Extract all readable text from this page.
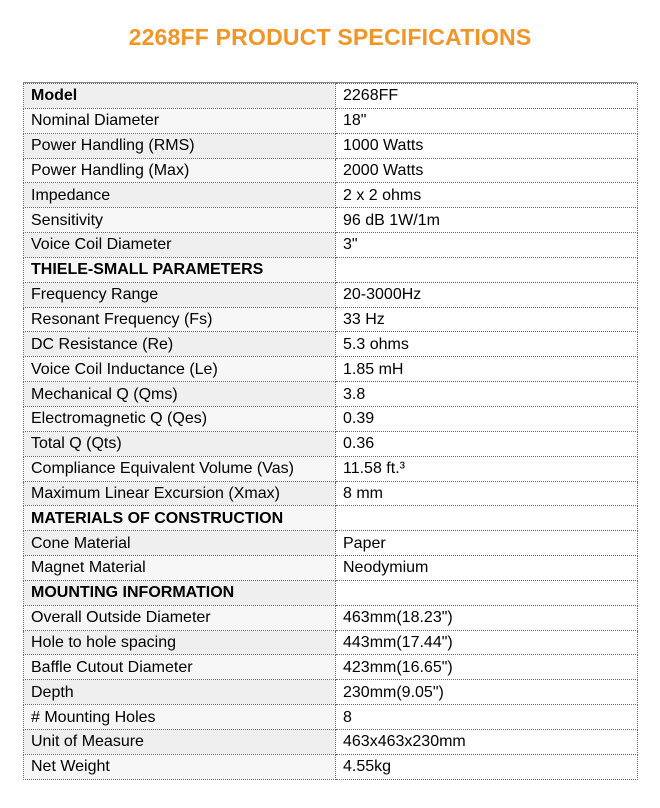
2268FF PRODUCT SPECIFICATIONS
Model	2268FF
Nominal Diameter	18"
Power Handling (RMS)	1000 Watts
Power Handling (Max)	2000 Watts
Impedance	2 x 2 ohms
Sensitivity	96 dB 1W/1m
Voice Coil Diameter	3"
THIELE-SMALL PARAMETERS	
Frequency Range	20-3000Hz
Resonant Frequency (Fs)	33 Hz
DC Resistance (Re)	5.3 ohms
Voice Coil Inductance (Le)	1.85 mH
Mechanical Q (Qms)	3.8
Electromagnetic Q (Qes)	0.39
Total Q (Qts)	0.36
Compliance Equivalent Volume (Vas)	11.58 ft.³
Maximum Linear Excursion (Xmax)	8 mm
MATERIALS OF CONSTRUCTION	
Cone Material	Paper
Magnet Material	Neodymium
MOUNTING INFORMATION	
Overall Outside Diameter	463mm(18.23")
Hole to hole spacing	443mm(17.44")
Baffle Cutout Diameter	423mm(16.65")
Depth	230mm(9.05")
# Mounting Holes	8
Unit of Measure	463x463x230mm
Net Weight	4.55kg
